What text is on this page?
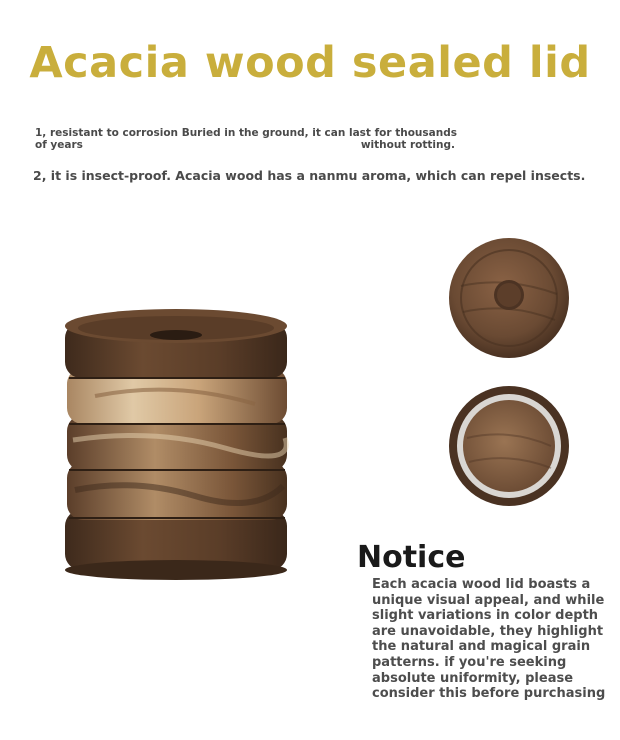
Acacia wood sealed lid

1, resistant to corrosion Buried in the ground, it can last for thousands of years	without rotting.

2, it is insect-proof. Acacia wood has a nanmu aroma, which can repel insects.

Notice

Each acacia wood lid boasts a unique visual appeal, and while slight variations in color depth are unavoidable, they highlight the natural and magical grain patterns. if you're seeking absolute uniformity, please consider this before purchasing
